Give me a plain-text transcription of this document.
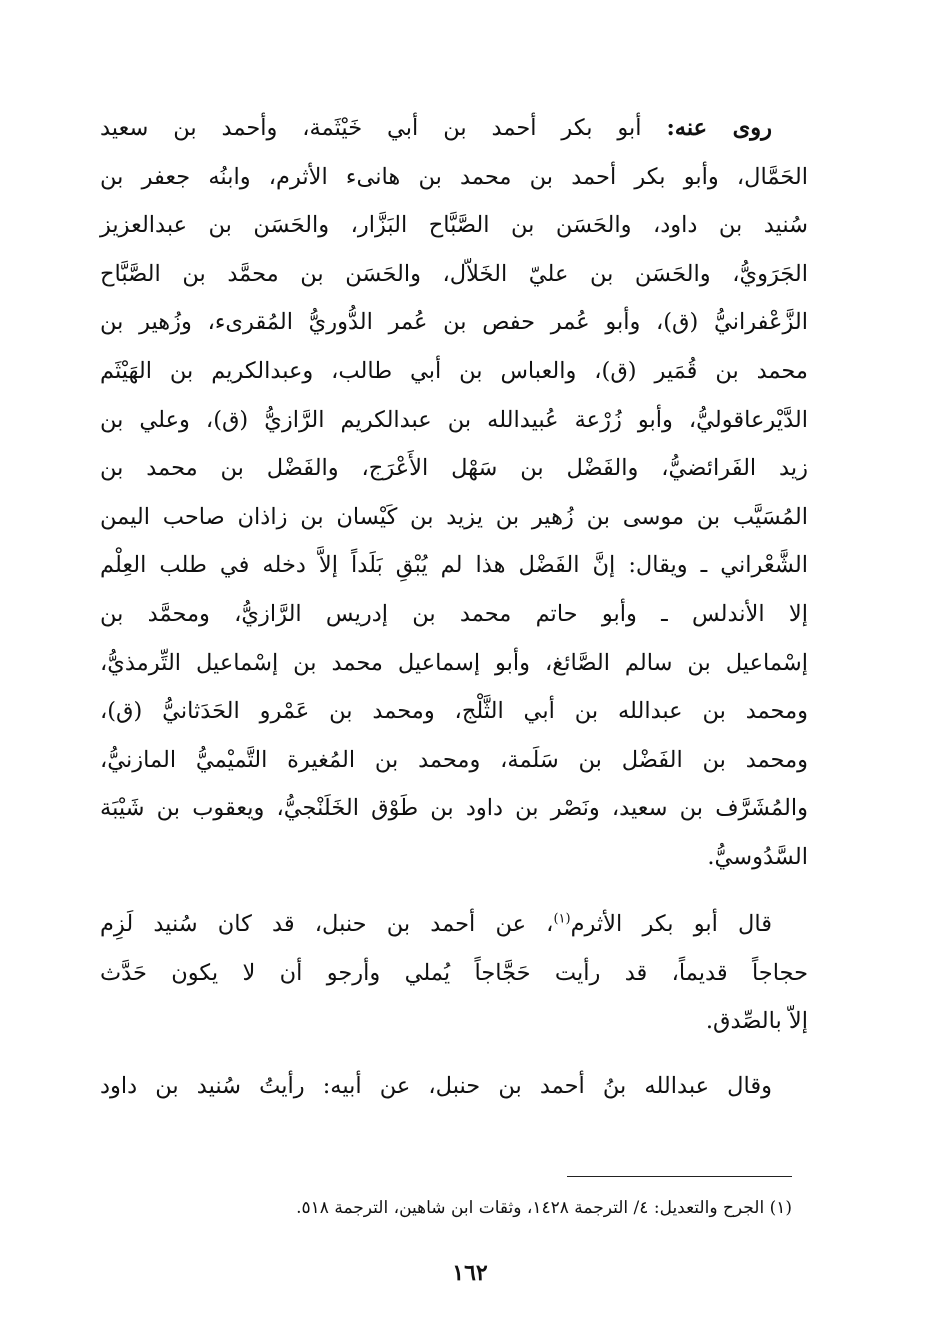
روى عنه: أبو بكر أحمد بن أبي خَيْثَمة، وأحمد بن سعيد
الحَمَّال، وأبو بكر أحمد بن محمد بن هانىء الأثرم، وابنُه جعفر بن
سُنيد بن داود، والحَسَن بن الصَّبَّاح البَزَّار، والحَسَن بن عبدالعزيز
الجَرَويُّ، والحَسَن بن عليّ الخَلاّل، والحَسَن بن محمَّد بن الصَّبَّاح
الزَّعْفرانيُّ (ق)، وأبو عُمر حفص بن عُمر الدُّوريُّ المُقرىء، وزُهير بن
محمد بن قُمَير (ق)، والعباس بن أبي طالب، وعبدالكريم بن الهَيْثَم
الدَّيْرعاقوليُّ، وأبو زُرْعة عُبيدالله بن عبدالكريم الرَّازيُّ (ق)، وعلي بن
زيد الفَرائضيُّ، والفَضْل بن سَهْل الأَعْرَج، والفَضْل بن محمد بن
المُسَيَّب بن موسى بن زُهير بن يزيد بن كَيْسان بن زاذان صاحب اليمن
الشَّعْراني ـ ويقال: إنَّ الفَضْل هذا لم يُبْقِ بَلَداً إلاَّ دخله في طلب العِلْم
إلا الأندلس ـ وأبو حاتم محمد بن إدريس الرَّازيُّ، ومحمَّد بن
إسْماعيل بن سالم الصَّائغ، وأبو إسماعيل محمد بن إسْماعيل التِّرمذيُّ،
ومحمد بن عبدالله بن أبي الثَّلْج، ومحمد بن عَمْرو الحَدَثانيُّ (ق)،
ومحمد بن الفَضْل بن سَلَمة، ومحمد بن المُغيرة التَّميْميُّ المازنيُّ،
والمُشَرَّف بن سعيد، ونَصْر بن داود بن طَوْق الخَلَنْجيُّ، ويعقوب بن شَيْبَة
السَّدُوسيُّ.
قال أبو بكر الأثرم$^{(١)}$، عن أحمد بن حنبل، قد كان سُنيد لَزِم
حجاجاً قديماً، قد رأيت حَجَّاجاً يُملي وأرجو أن لا يكون حَدَّث
إلاّ بالصِّدق.
وقال عبدالله بنُ أحمد بن حنبل، عن أبيه: رأيتُ سُنيد بن داود
(١) الجرح والتعديل: ٤/ الترجمة ١٤٢٨، وثقات ابن شاهين، الترجمة ٥١٨.
١٦٢
